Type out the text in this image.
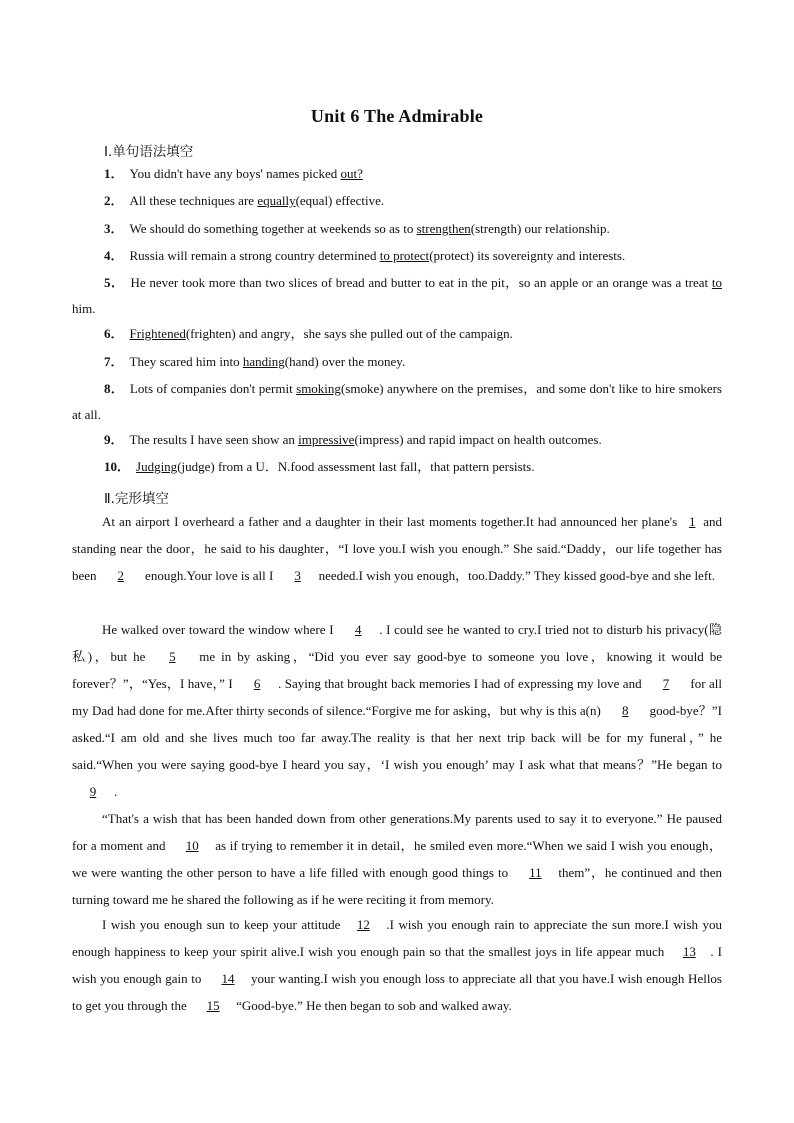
Unit 6 The Admirable
Ⅰ.单句语法填空
1． You didn't have any boys' names picked out?
2． All these techniques are equally(equal) effective.
3． We should do something together at weekends so as to strengthen(strength) our relationship.
4． Russia will remain a strong country determined to protect(protect) its sovereignty and interests.
5． He never took more than two slices of bread and butter to eat in the pit，so an apple or an orange was a treat to him.
6． Frightened(frighten) and angry，she says she pulled out of the campaign.
7． They scared him into handing(hand) over the money.
8． Lots of companies don't permit smoking(smoke) anywhere on the premises，and some don't like to hire smokers at all.
9． The results I have seen show an impressive(impress) and rapid impact on health outcomes.
10． Judging(judge) from a U．N.food assessment last fall，that pattern persists.
Ⅱ.完形填空
At an airport I overheard a father and a daughter in their last moments together.It had announced her plane's 1 and standing near the door，he said to his daughter，“I love you.I wish you enough.” She said.“Daddy，our life together has been 2 enough.Your love is all I 3 needed.I wish you enough，too.Daddy.” They kissed good-bye and she left.
He walked over toward the window where I 4 . I could see he wanted to cry.I tried not to disturb his privacy(隐私)，but he 5 me in by asking，“Did you ever say good-bye to someone you love，knowing it would be forever？”，“Yes，I have，” I 6 . Saying that brought back memories I had of expressing my love and 7 for all my Dad had done for me.After thirty seconds of silence.“Forgive me for asking，but why is this a(n) 8 good-bye？”I asked.“I am old and she lives much too far away.The reality is that her next trip back will be for my funeral，” he said.“When you were saying good-bye I heard you say，‘I wish you enough’ may I ask what that means？”He began to 9 .
“That's a wish that has been handed down from other generations.My parents used to say it to everyone.” He paused for a moment and 10 as if trying to remember it in detail，he smiled even more.“When we said I wish you enough，we were wanting the other person to have a life filled with enough good things to 11 them”，he continued and then turning toward me he shared the following as if he were reciting it from memory.
I wish you enough sun to keep your attitude 12 .I wish you enough rain to appreciate the sun more.I wish you enough happiness to keep your spirit alive.I wish you enough pain so that the smallest joys in life appear much 13 . I wish you enough gain to 14 your wanting.I wish you enough loss to appreciate all that you have.I wish enough Hellos to get you through the 15 “Good-bye.” He then began to sob and walked away.
